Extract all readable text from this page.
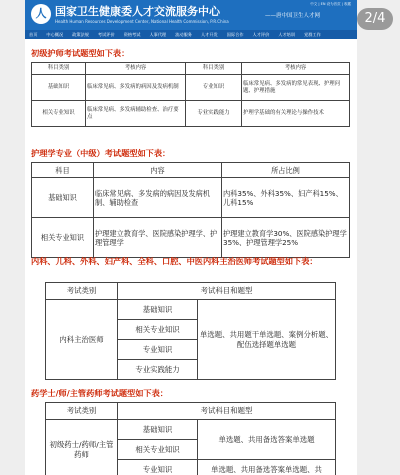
人 国家卫生健康委人才交流服务中心
Health Human Resources Development Center, National Health Commission, P.R.China
——唐中国卫生人才网
中文 | EN 设为首页 | 收藏
首页 中心概况 政策法规 考试评价 资格考试 人事代理 流动服务 人才开发 国际合作 人才评价 人才培训 党群工作
初级护师考试题型如下表：
科目类别	考核内容	科目类别	考核内容
基础知识	临床常见病、多发病的病因及发病机制	专业知识	临床常见病、多发病的常见表现、护理问题、护理措施
相关专业知识	临床常见病、多发病辅助检查、治疗要点	专业实践能力	护理学基础的有关理论与操作技术
护理学专业（中级）考试题型如下表：
科目	内容	所占比例
基础知识	临床常见病、多发病的病因及发病机制、辅助检查	内科35%、外科35%、妇产科15%、儿科15%
相关专业知识	护理建立教育学、医院感染护理学、护理管理学	护理建立教育学30%、医院感染护理学35%、护理管理学25%
内科、儿科、外科、妇产科、全科、口腔、中医内科主治医师考试题型如下表：
考试类别	考试科目和题型	
内科主治医师	基础知识	单选题、共用题干单选题、案例分析题、配伍选择题单选题
	相关专业知识	
	专业知识	
	专业实践能力	
药学士/师/主管药师考试题型如下表：
考试类别	考试科目和题型	
初级药士/药师/主管药师	基础知识	单选题、共用备选答案单选题
	相关专业知识	
	专业知识	单选题、共用备选答案单选题、共
2/4
